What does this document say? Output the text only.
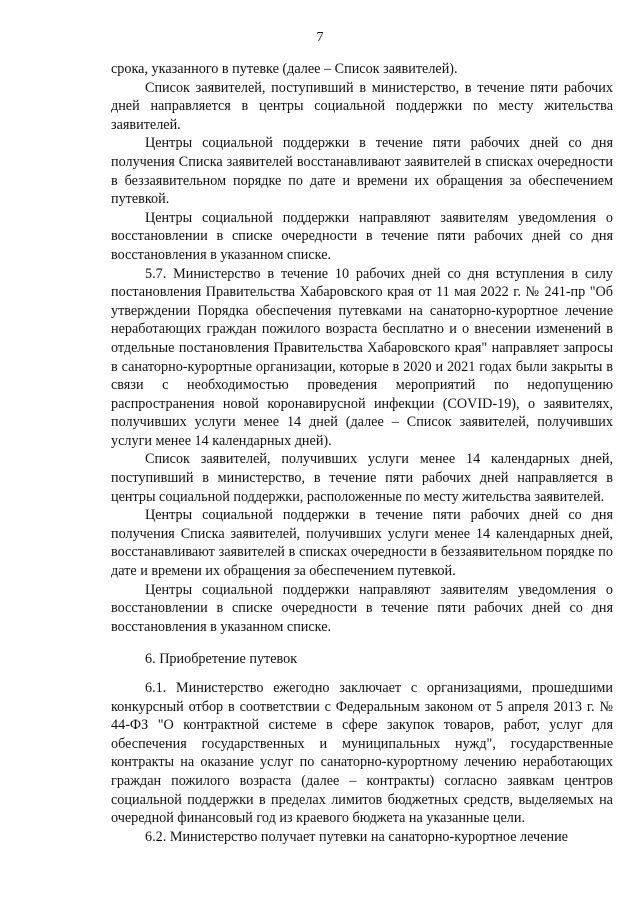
7

срока, указанного в путевке (далее – Список заявителей).

Список заявителей, поступивший в министерство, в течение пяти рабочих дней направляется в центры социальной поддержки по месту жительства заявителей.

Центры социальной поддержки в течение пяти рабочих дней со дня получения Списка заявителей восстанавливают заявителей в списках очередности в беззаявительном порядке по дате и времени их обращения за обеспечением путевкой.

Центры социальной поддержки направляют заявителям уведомления о восстановлении в списке очередности в течение пяти рабочих дней со дня восстановления в указанном списке.

5.7. Министерство в течение 10 рабочих дней со дня вступления в силу постановления Правительства Хабаровского края от 11 мая 2022 г. № 241-пр "Об утверждении Порядка обеспечения путевками на санаторно-курортное лечение неработающих граждан пожилого возраста бесплатно и о внесении изменений в отдельные постановления Правительства Хабаровского края" направляет запросы в санаторно-курортные организации, которые в 2020 и 2021 годах были закрыты в связи с необходимостью проведения мероприятий по недопущению распространения новой коронавирусной инфекции (COVID-19), о заявителях, получивших услуги менее 14 дней (далее – Список заявителей, получивших услуги менее 14 календарных дней).

Список заявителей, получивших услуги менее 14 календарных дней, поступивший в министерство, в течение пяти рабочих дней направляется в центры социальной поддержки, расположенные по месту жительства заявителей.

Центры социальной поддержки в течение пяти рабочих дней со дня получения Списка заявителей, получивших услуги менее 14 календарных дней, восстанавливают заявителей в списках очередности в беззаявительном порядке по дате и времени их обращения за обеспечением путевкой.

Центры социальной поддержки направляют заявителям уведомления о восстановлении в списке очередности в течение пяти рабочих дней со дня восстановления в указанном списке.

6. Приобретение путевок

6.1. Министерство ежегодно заключает с организациями, прошедшими конкурсный отбор в соответствии с Федеральным законом от 5 апреля 2013 г. № 44-ФЗ "О контрактной системе в сфере закупок товаров, работ, услуг для обеспечения государственных и муниципальных нужд", государственные контракты на оказание услуг по санаторно-курортному лечению неработающих граждан пожилого возраста (далее – контракты) согласно заявкам центров социальной поддержки в пределах лимитов бюджетных средств, выделяемых на очередной финансовый год из краевого бюджета на указанные цели.

6.2. Министерство получает путевки на санаторно-курортное лечение
